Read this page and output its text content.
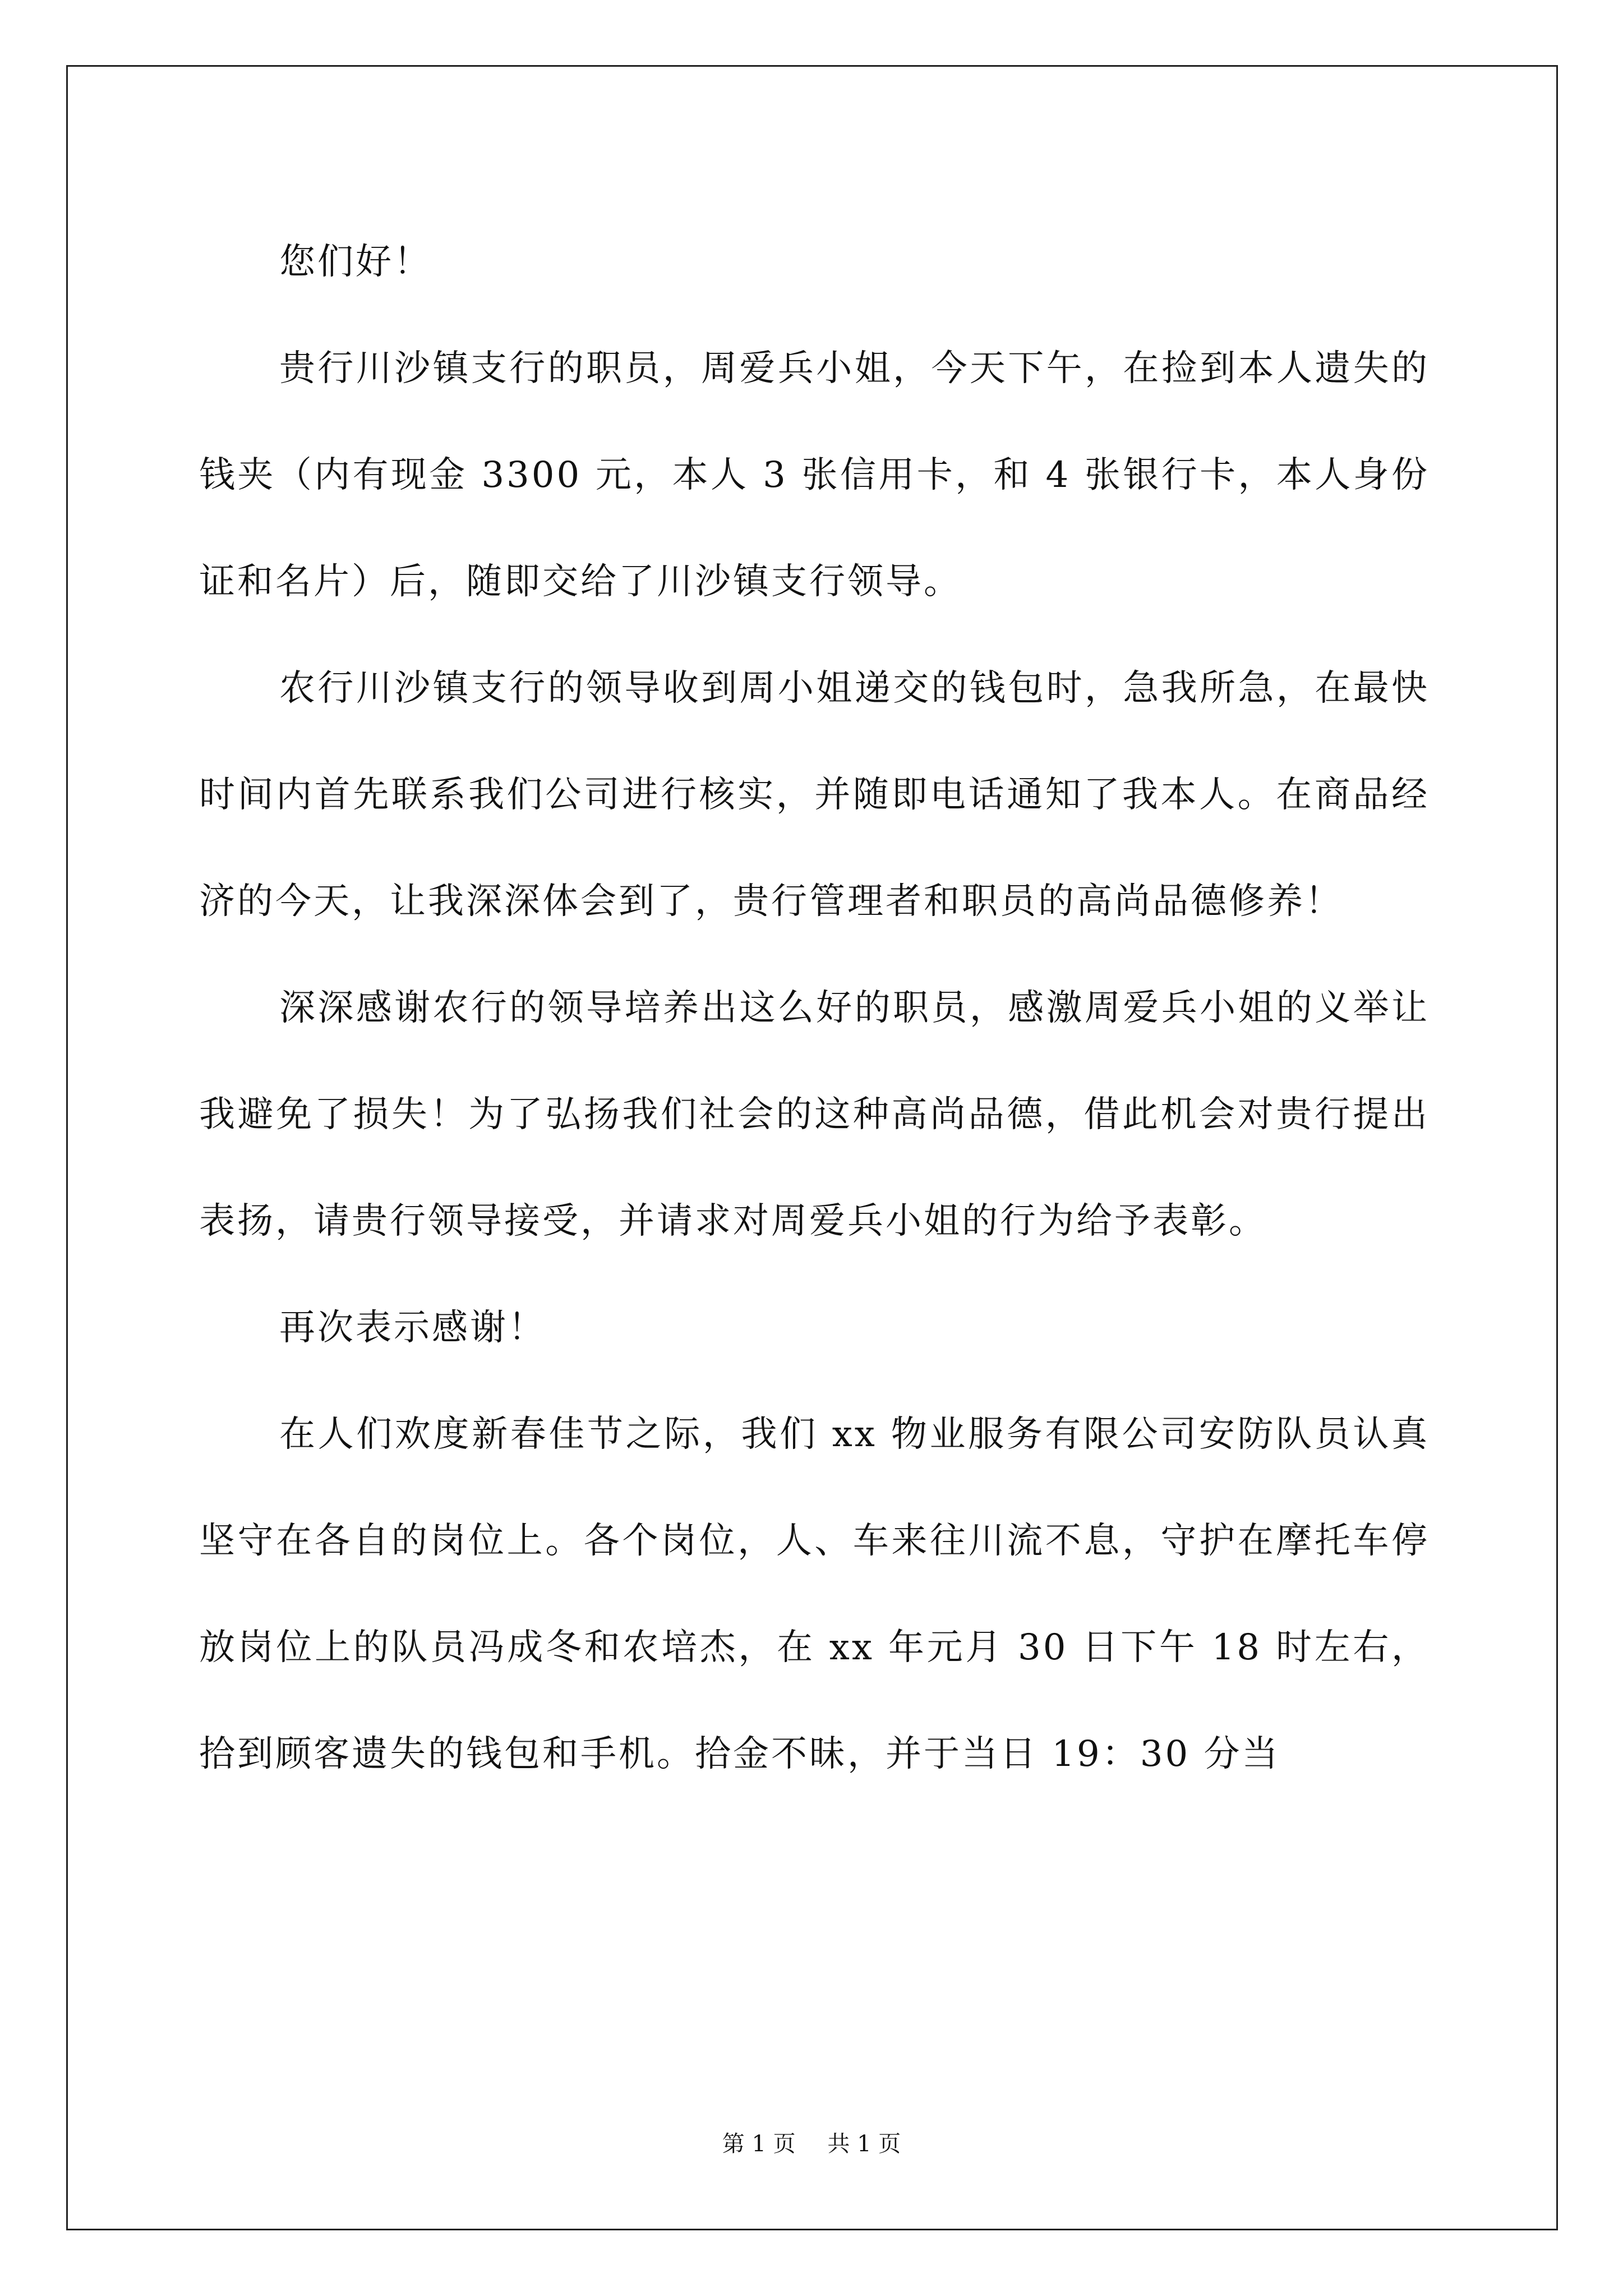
您们好！

贵行川沙镇支行的职员，周爱兵小姐，今天下午，在捡到本人遗失的钱夹（内有现金 3300 元，本人 3 张信用卡，和 4 张银行卡，本人身份证和名片）后，随即交给了川沙镇支行领导。

农行川沙镇支行的领导收到周小姐递交的钱包时，急我所急，在最快时间内首先联系我们公司进行核实，并随即电话通知了我本人。在商品经济的今天，让我深深体会到了，贵行管理者和职员的高尚品德修养！

深深感谢农行的领导培养出这么好的职员，感激周爱兵小姐的义举让我避免了损失！为了弘扬我们社会的这种高尚品德，借此机会对贵行提出表扬，请贵行领导接受，并请求对周爱兵小姐的行为给予表彰。

再次表示感谢！

在人们欢度新春佳节之际，我们 xx 物业服务有限公司安防队员认真坚守在各自的岗位上。各个岗位，人、车来往川流不息，守护在摩托车停放岗位上的队员冯成冬和农培杰，在 xx 年元月 30 日下午 18 时左右，拾到顾客遗失的钱包和手机。拾金不昧，并于当日 19：30 分当

第 1 页 共 1 页
